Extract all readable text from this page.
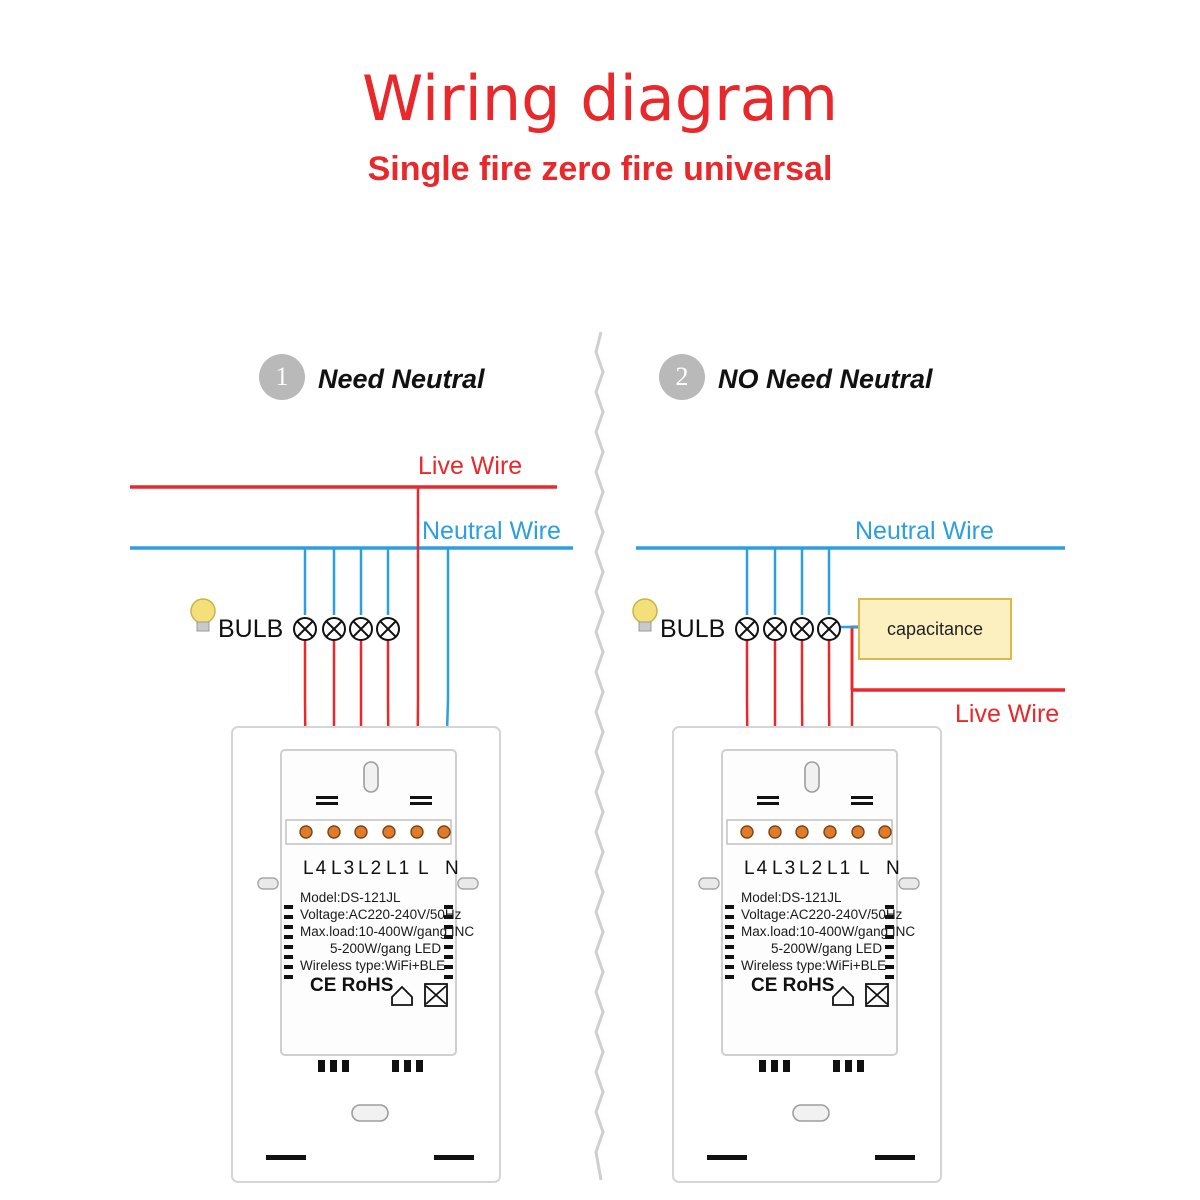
Wiring diagram
Single fire zero fire universal
1	Need Neutral
Live Wire
Neutral Wire
BULB
L4 L3 L2 L1 L N
Model:DS-121JL
Voltage:AC220-240V/50Hz
Max.load:10-400W/gang INC
5-200W/gang LED
Wireless type:WiFi+BLE
CE RoHS
2	NO Need Neutral
Neutral Wire
Live Wire
BULB	capacitance
L4 L3 L2 L1 L N
Model:DS-121JL
Voltage:AC220-240V/50Hz
Max.load:10-400W/gang INC
5-200W/gang LED
Wireless type:WiFi+BLE
CE RoHS
